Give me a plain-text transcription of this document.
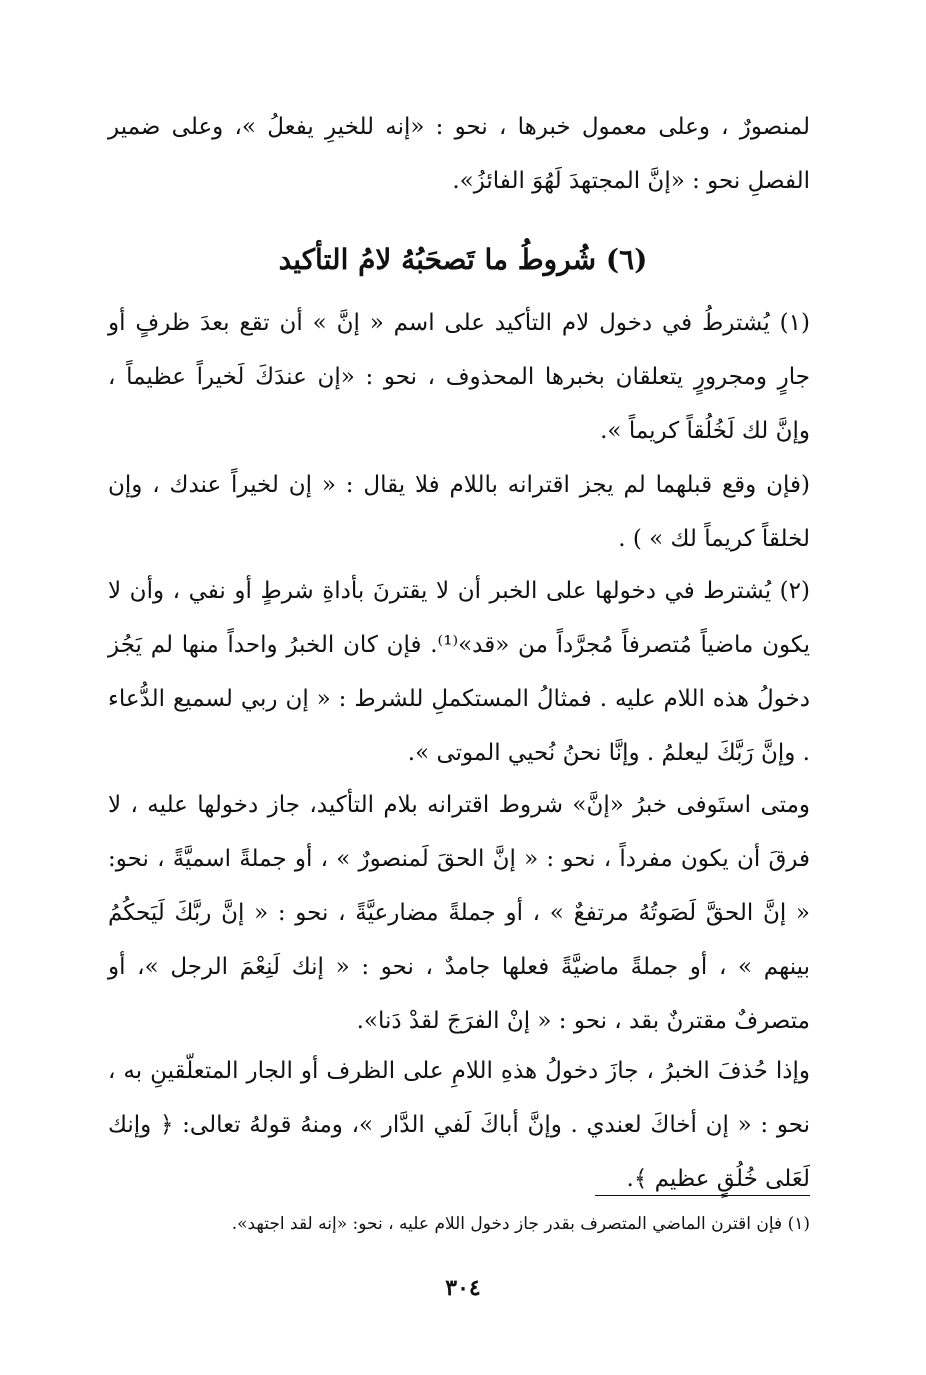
لمنصورٌ ، وعلى معمول خبرها ، نحو : «إنه للخيرِ يفعلُ »، وعلى ضمير الفصلِ نحو : «إنَّ المجتهدَ لَهُوَ الفائزُ».

(٦) شُروطُ ما تَصحَبُهُ لامُ التأكيد

(١) يُشترطُ في دخول لام التأكيد على اسم « إنَّ » أن تقع بعدَ ظرفٍ أو جارٍ ومجرورٍ يتعلقان بخبرها المحذوف ، نحو : «إن عندَكَ لَخيراً عظيماً ، وإنَّ لك لَخُلُقاً كريماً ».

(فإن وقع قبلهما لم يجز اقترانه باللام فلا يقال : « إن لخيراً عندك ، وإن لخلقاً كريماً لك » ) .

(٢) يُشترط في دخولها على الخبر أن لا يقترنَ بأداةِ شرطٍ أو نفي ، وأن لا يكون ماضياً مُتصرفاً مُجرَّداً من «قد»⁽¹⁾. فإن كان الخبرُ واحداً منها لم يَجُز دخولُ هذه اللام عليه . فمثالُ المستكملِ للشرط : « إن ربي لسميع الدُّعاء . وإنَّ رَبَّكَ ليعلمُ . وإنَّا نحنُ نُحيي الموتى ».

ومتى استَوفى خبرُ «إنَّ» شروط اقترانه بلام التأكيد، جاز دخولها عليه ، لا فرقَ أن يكون مفرداً ، نحو : « إنَّ الحقَ لَمنصورٌ » ، أو جملةً اسميَّةً ، نحو: « إنَّ الحقَّ لَصَوتُهُ مرتفعٌ » ، أو جملةً مضارعيَّةً ، نحو : « إنَّ ربَّكَ لَيَحكُمُ بينهم » ، أو جملةً ماضيَّةً فعلها جامدٌ ، نحو : « إنك لَنِعْمَ الرجل »، أو متصرفٌ مقترنٌ بقد ، نحو : « إنْ الفرَجَ لقدْ دَنا».

وإذا حُذفَ الخبرُ ، جازَ دخولُ هذهِ اللامِ على الظرف أو الجار المتعلّقينِ به ، نحو : « إن أخاكَ لعندي . وإنَّ أباكَ لَفي الدَّار »، ومنهُ قولهُ تعالى: ﴿ وإنك لَعَلى خُلُقٍ عظيم ﴾.

(١) فإن اقترن الماضي المتصرف بقدر جاز دخول اللام عليه ، نحو: «إنه لقد اجتهد».

٣٠٤
